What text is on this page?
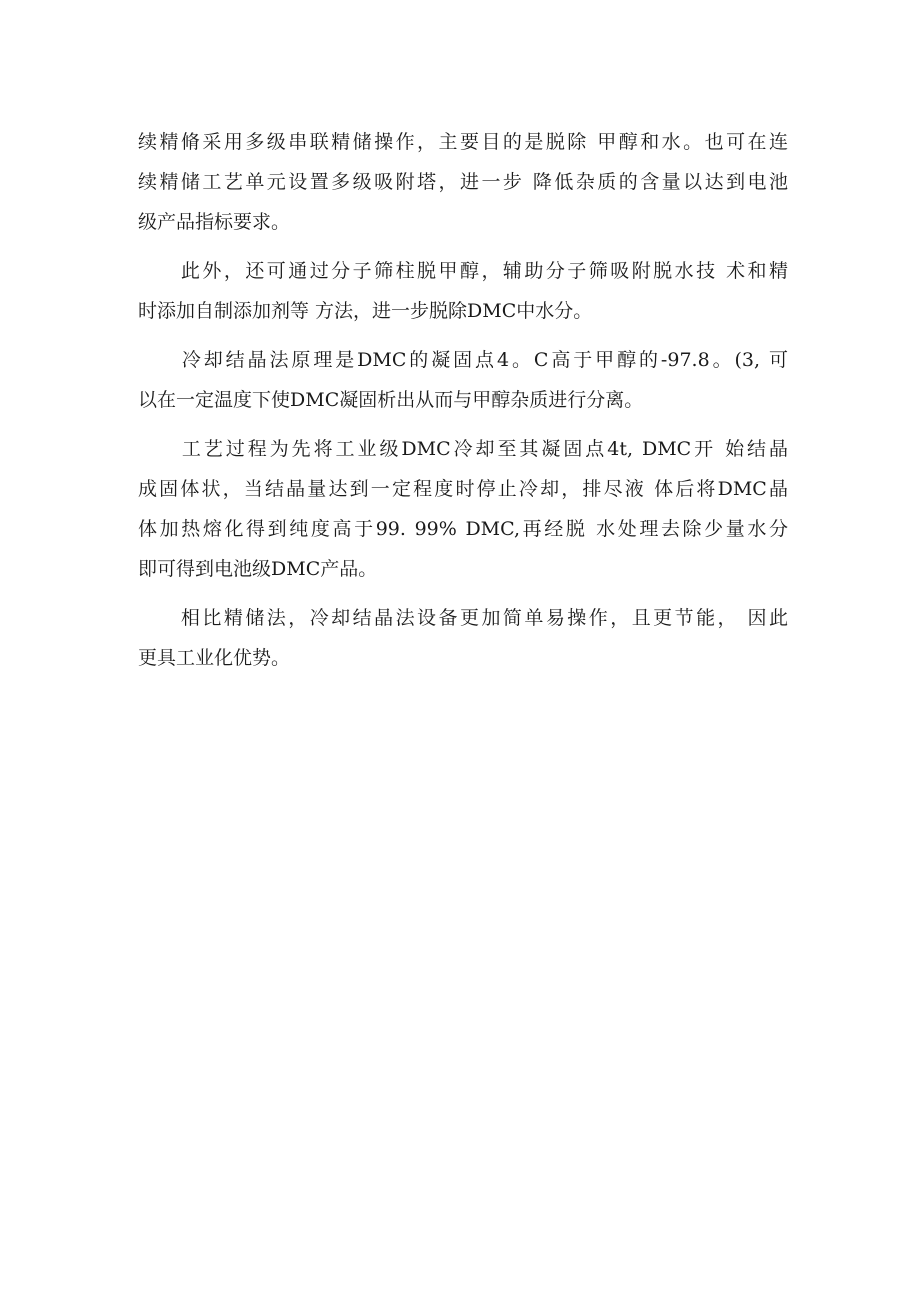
续精脩采用多级串联精储操作，主要目的是脱除 甲醇和水。也可在连
续精储工艺单元设置多级吸附塔，进一步 降低杂质的含量以达到电池
级产品指标要求。

　　此外，还可通过分子筛柱脱甲醇，辅助分子筛吸附脱水技 术和精
时添加自制添加剂等 方法，进一步脱除DMC中水分。

　　冷却结晶法原理是DMC的凝固点4。C高于甲醇的-97.8。(3, 可
以在一定温度下使DMC凝固析出从而与甲醇杂质进行分离。

　　工艺过程为先将工业级DMC冷却至其凝固点4t, DMC开 始结晶
成固体状，当结晶量达到一定程度时停止冷却，排尽液 体后将DMC晶
体加热熔化得到纯度高于99. 99% DMC,再经脱 水处理去除少量水分
即可得到电池级DMC产品。

　　相比精储法，冷却结晶法设备更加简单易操作，且更节能， 因此
更具工业化优势。
